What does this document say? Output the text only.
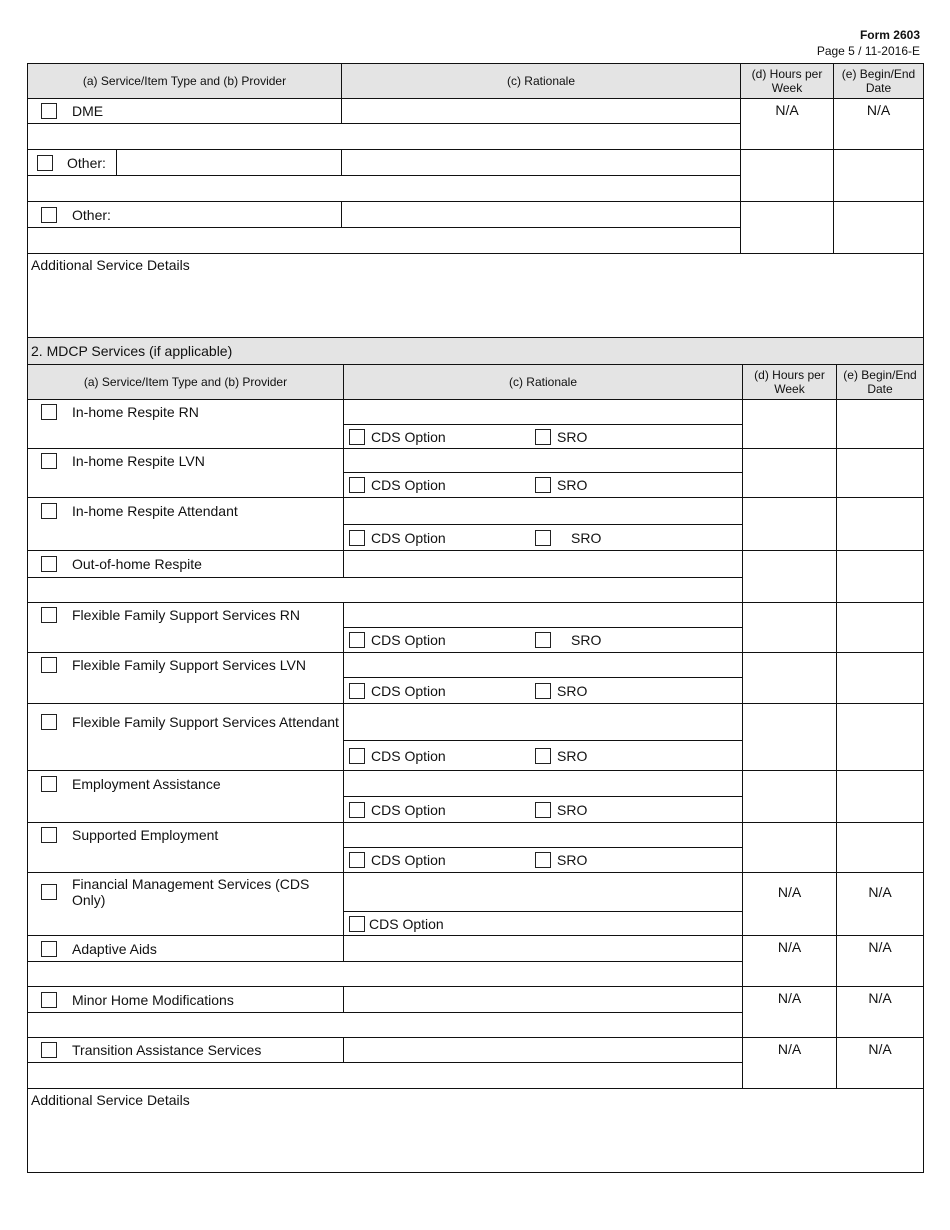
Form 2603
Page 5 / 11-2016-E
(a) Service/Item Type and (b) Provider	(c) Rationale	(d) Hours per Week	(e) Begin/End Date

DME		N/A	N/A

Other:			

Other:			

Additional Service Details			
2. MDCP Services (if applicable)			
(a) Service/Item Type and (b) Provider	(c) Rationale	(d) Hours per Week	(e) Begin/End Date

In-home Respite RN			

	CDS Option SRO		

In-home Respite LVN			

	CDS Option SRO		

In-home Respite Attendant			

	CDS Option SRO		

Out-of-home Respite			

Flexible Family Support Services RN			

	CDS Option SRO		

Flexible Family Support Services LVN			

	CDS Option SRO		

Flexible Family Support Services Attendant			

	CDS Option SRO		

Employment Assistance			

	CDS Option SRO		

Supported Employment			

	CDS Option SRO		

Financial Management Services (CDS Only)		N/A	N/A

	CDS Option		

Adaptive Aids		N/A	N/A

Minor Home Modifications		N/A	N/A

Transition Assistance Services		N/A	N/A

Additional Service Details			
